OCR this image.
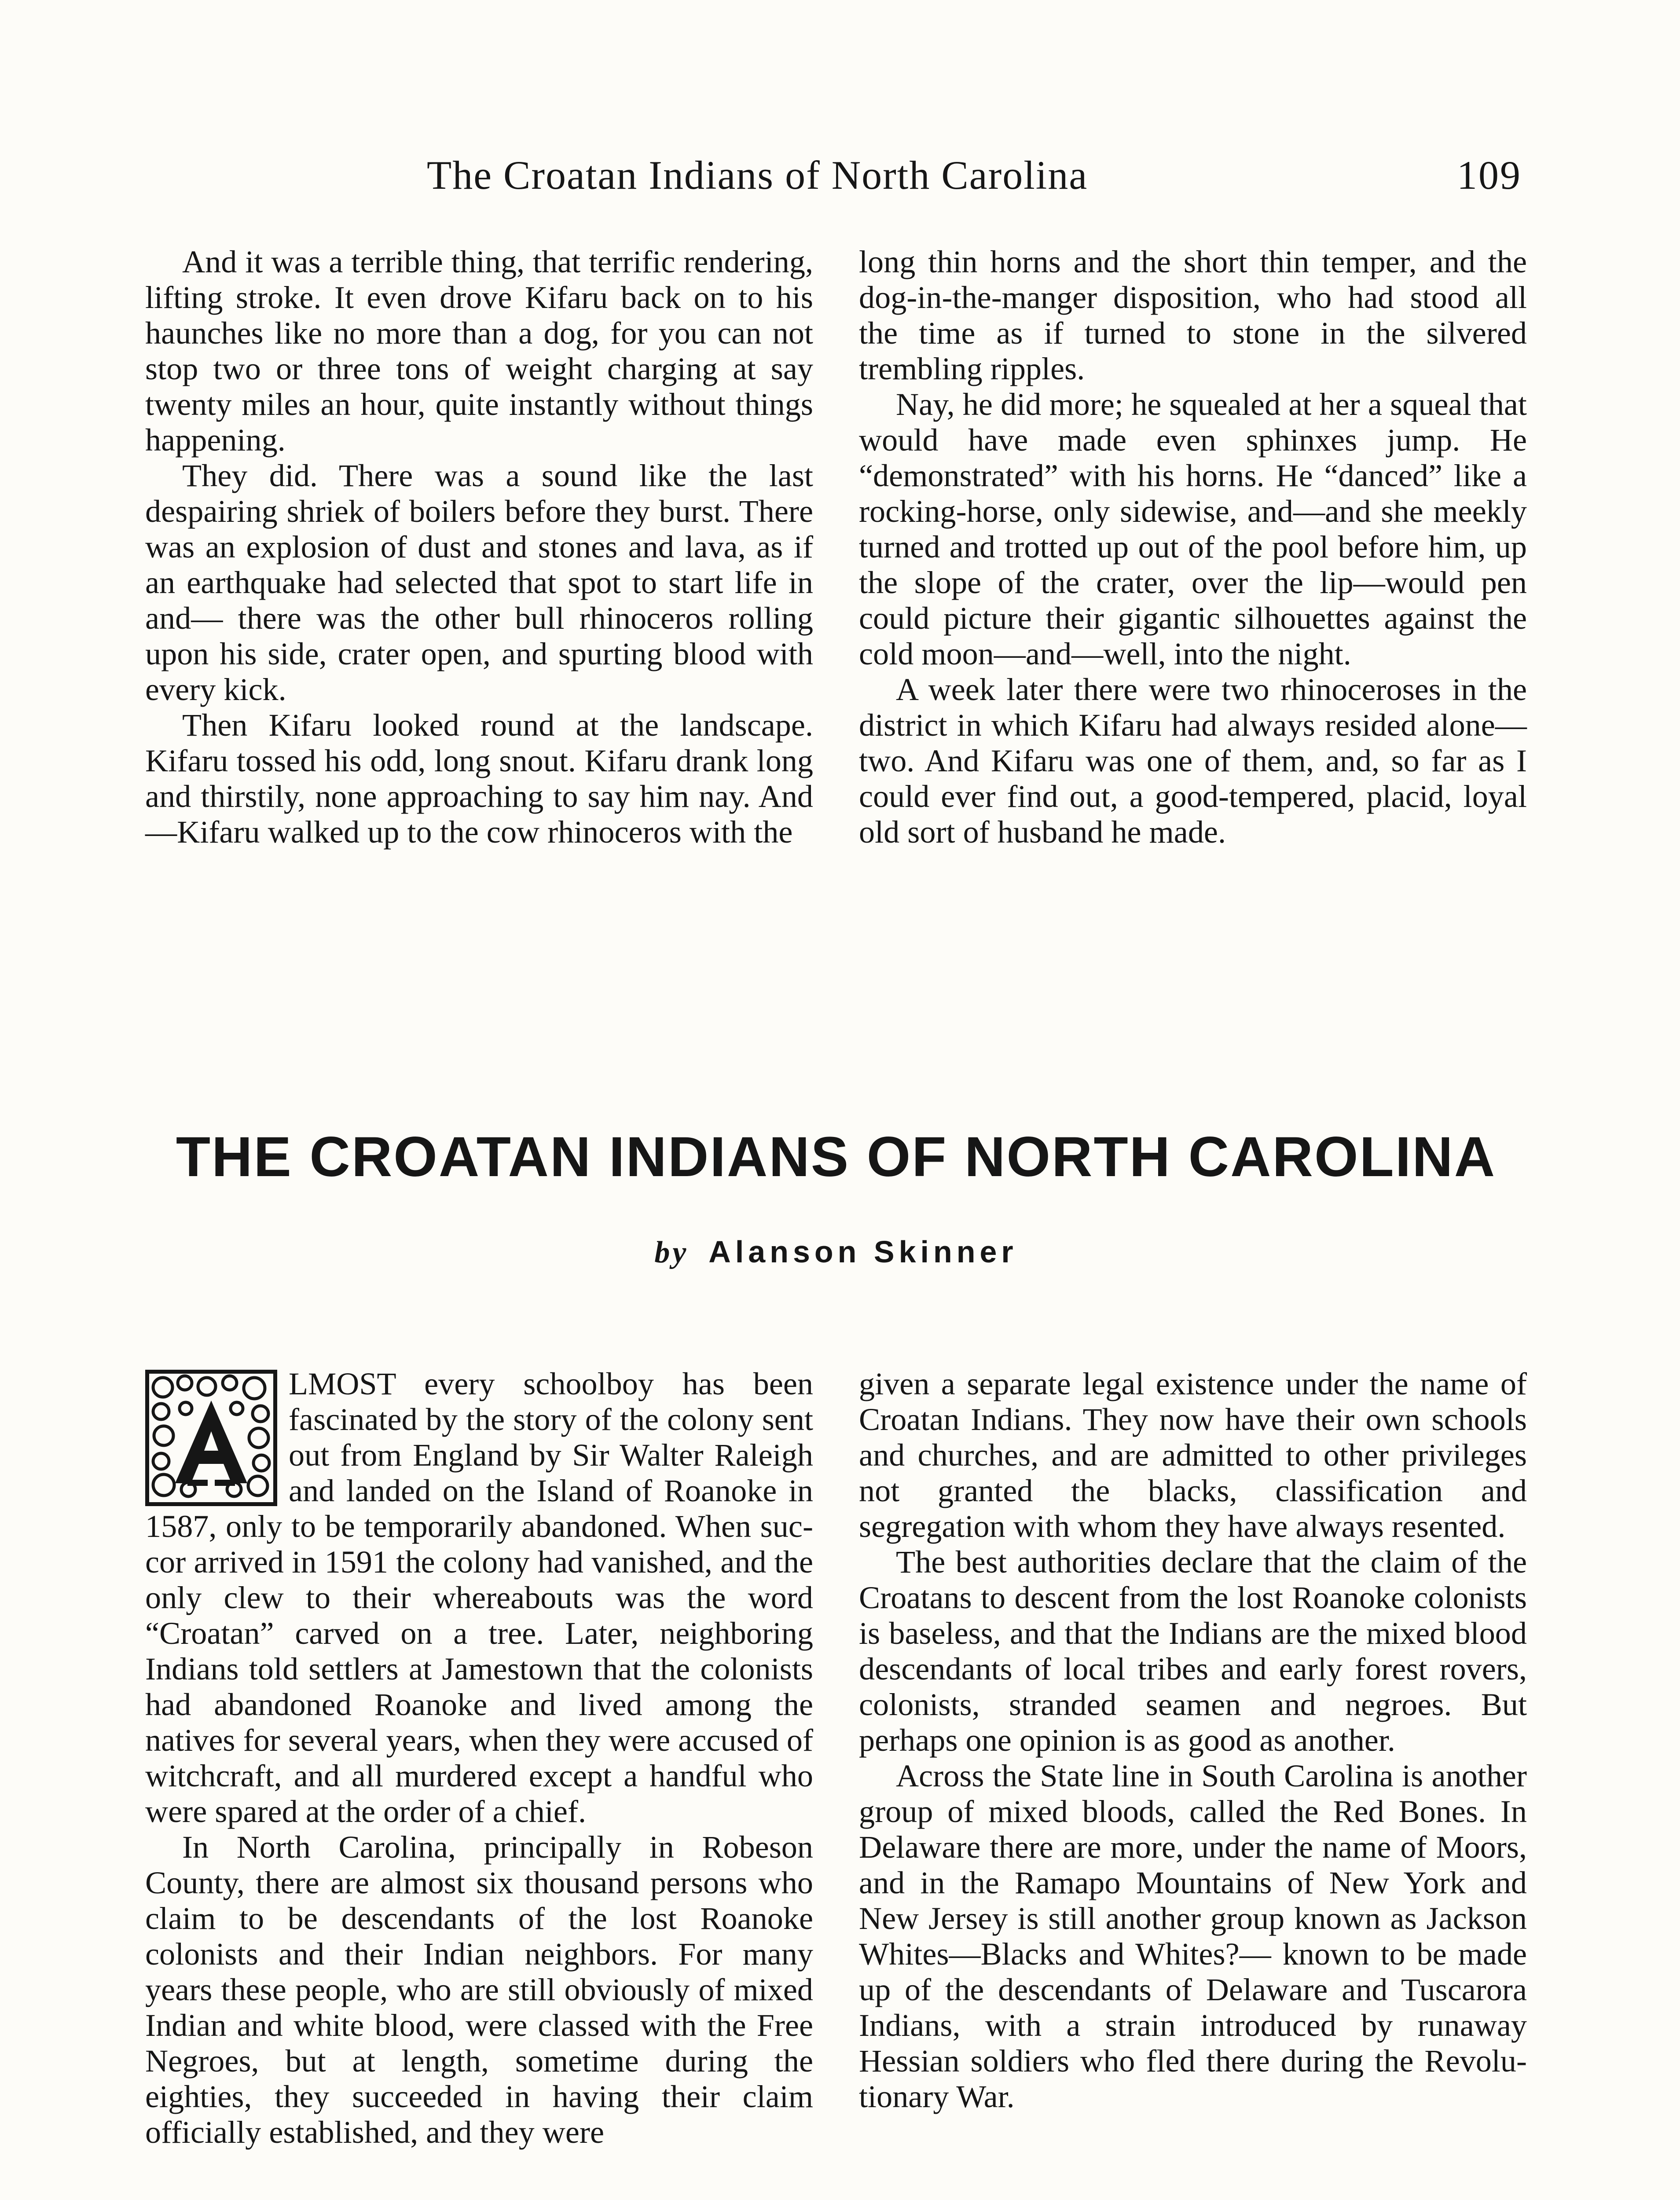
The Croatan Indians of North Carolina	109

And it was a terrible thing, that terrific rendering, lifting stroke. It even drove Kifaru back on to his haunches like no more than a dog, for you can not stop two or three tons of weight charging at say twenty miles an hour, quite instantly without things happening.

They did. There was a sound like the last despairing shriek of boilers before they burst. There was an explosion of dust and stones and lava, as if an earthquake had selected that spot to start life in and— there was the other bull rhinoceros rolling upon his side, crater open, and spurting blood with every kick.

Then Kifaru looked round at the landscape. Kifaru tossed his odd, long snout. Kifaru drank long and thirstily, none approaching to say him nay. And—Kifaru walked up to the cow rhinoceros with the

long thin horns and the short thin temper, and the dog-in-the-manger disposition, who had stood all the time as if turned to stone in the silvered trembling ripples.

Nay, he did more; he squealed at her a squeal that would have made even sphinxes jump. He “demonstrated” with his horns. He “danced” like a rocking-horse, only sidewise, and—and she meekly turned and trotted up out of the pool before him, up the slope of the crater, over the lip—would pen could picture their gigantic silhouettes against the cold moon—and—well, into the night.

A week later there were two rhinoceroses in the district in which Kifaru had always resided alone—two. And Kifaru was one of them, and, so far as I could ever find out, a good-tempered, placid, loyal old sort of husband he made.

THE CROATAN INDIANS OF NORTH CAROLINA
by Alanson Skinner

LMOST every schoolboy has been fascinated by the story of the colony sent out from England by Sir Walter Raleigh and landed on the Island of Roanoke in 1587, only to be temporarily abandoned. When succor arrived in 1591 the colony had vanished, and the only clew to their whereabouts was the word “Croatan” carved on a tree. Later, neighboring Indians told settlers at Jamestown that the colonists had abandoned Roanoke and lived among the natives for several years, when they were accused of witchcraft, and all murdered except a handful who were spared at the order of a chief.

In North Carolina, principally in Robeson County, there are almost six thousand persons who claim to be descendants of the lost Roanoke colonists and their Indian neighbors. For many years these people, who are still obviously of mixed Indian and white blood, were classed with the Free Negroes, but at length, sometime during the eighties, they succeeded in having their claim officially established, and they were

given a separate legal existence under the name of Croatan Indians. They now have their own schools and churches, and are admitted to other privileges not granted the blacks, classification and segregation with whom they have always resented.

The best authorities declare that the claim of the Croatans to descent from the lost Roanoke colonists is baseless, and that the Indians are the mixed blood descendants of local tribes and early forest rovers, colonists, stranded seamen and negroes. But perhaps one opinion is as good as another.

Across the State line in South Carolina is another group of mixed bloods, called the Red Bones. In Delaware there are more, under the name of Moors, and in the Ramapo Mountains of New York and New Jersey is still another group known as Jackson Whites—Blacks and Whites?— known to be made up of the descendants of Delaware and Tuscarora Indians, with a strain introduced by runaway Hessian soldiers who fled there during the Revolutionary War.
